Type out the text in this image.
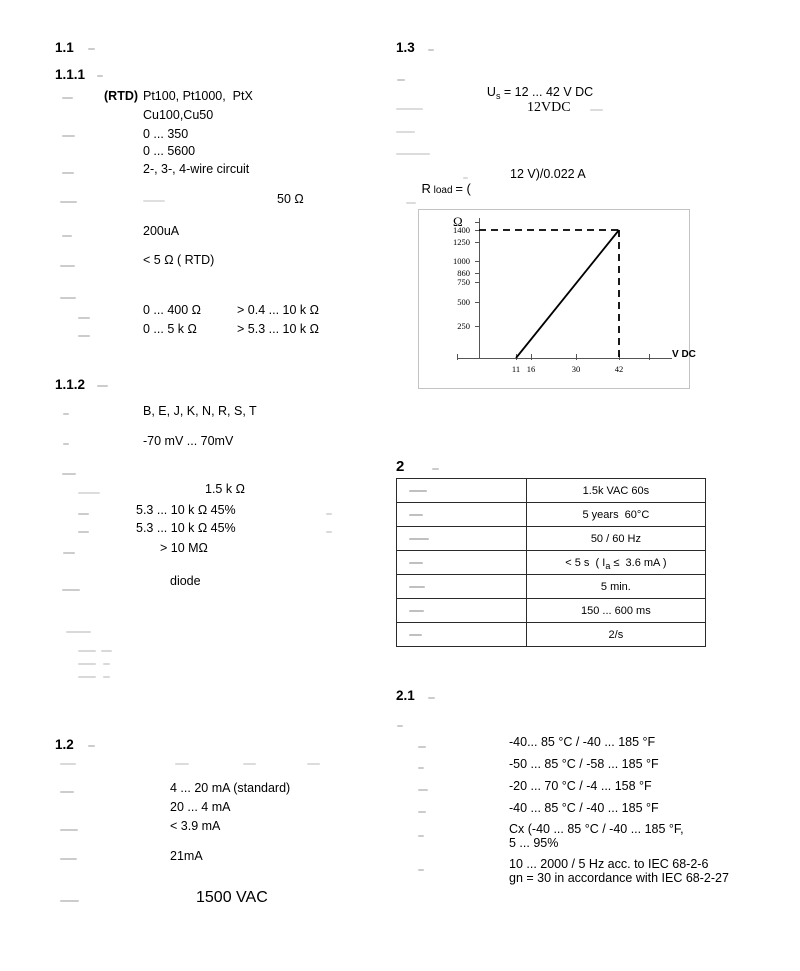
1.1
1.1.1
(RTD) Pt100, Pt1000,  PtX
Cu100,Cu50
0 ... 350
0 ... 5600
2-, 3-, 4-wire circuit
50 Ω
200uA
< 5 Ω ( RTD)
0 ... 400 Ω	> 0.4 ... 10 k Ω
0 ... 5 k Ω	> 5.3 ... 10 k Ω
1.1.2
B, E, J, K, N, R, S, T
-70 mV ... 70mV
1.5 k Ω
5.3 ... 10 k Ω 45%
5.3 ... 10 k Ω 45%
> 10 MΩ
diode
1.2
4 ... 20 mA (standard)
20 ... 4 mA
< 3.9 mA
21mA
1500 VAC
1.3

$U_s = 12$ ... 42 V DC

12VDC

R load = (

12 V)/0.022 A
250
500
750
860
1000
1250
1400
Ω
11 16	30	42
V DC
2
	1.5k VAC 60s

	5 years  60°C

	50 / 60 Hz

	< 5 s  ( $I_a \le 3.6$ mA )

	5 min.

	150 ... 600 ms

	2/s
2.1
-40... 85 °C / -40 ... 185 °F
-50 ... 85 °C / -58 ... 185 °F
-20 ... 70 °C / -4 ... 158 °F
-40 ... 85 °C / -40 ... 185 °F
Cx (-40 ... 85 °C / -40 ... 185 °F,
5 ... 95%
10 ... 2000 / 5 Hz acc. to IEC 68-2-6
gn = 30 in accordance with IEC 68-2-27
